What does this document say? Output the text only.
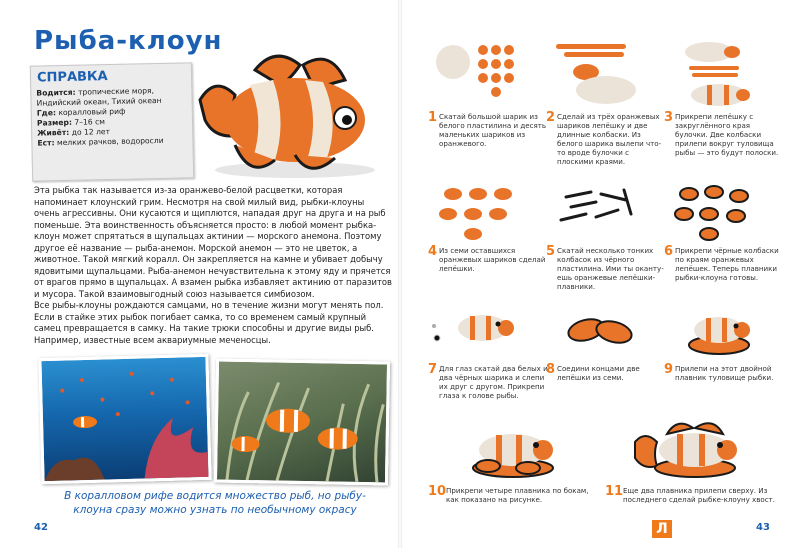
Рыба-клоун
СПРАВКА
Водится: тропические моря, Индийский океан, Тихий океан
Где: коралловый риф
Размер: 7–16 см
Живёт: до 12 лет
Ест: мелких рачков, водоросли

Эта рыбка так называется из-за оранжево-белой расцветки, которая напоминает клоунский грим. Несмотря на свой милый вид, рыбки-клоуны очень агрессивны. Они кусаются и щиплются, нападая друг на друга и на рыб поменьше. Эта воинственность объясняется просто: в любой момент рыбка-клоун может спрятаться в щупальцах актинии — морского анемона. Поэтому другое её название — рыба-анемон. Морской анемон — это не цветок, а животное. Такой мягкий коралл. Он закрепляется на камне и убивает добычу ядовитыми щупальцами. Рыба-анемон нечувствительна к этому яду и прячется от врагов прямо в щупальцах. А взамен рыбка избавляет актинию от паразитов и мусора. Такой взаимовыгодный союз называется симбиозом.

Все рыбы-клоуны рождаются самцами, но в течение жизни могут менять пол. Если в стайке этих рыбок погибает самка, то со временем самый крупный самец превращается в самку. На такие трюки способны и другие виды рыб. Например, известные всем аквариумные меченосцы.

В коралловом рифе водится множество рыб, но рыбу-клоуна сразу можно узнать по необычному окрасу
42
1 Скатай большой шарик из белого пластилина и десять маленьких шариков из оранжевого.
2 Сделай из трёх оранжевых шариков лепёшку и две длинные колбаски. Из белого шарика вылепи что-то вроде булочки с плоскими краями.
3 Прикрепи лепёшку с закруглённого края булочки. Две колбаски прилепи вокруг туловища рыбы — это будут полоски.
4 Из семи оставшихся оранжевых шариков сделай лепёшки.
5 Скатай несколько тонких колбасок из чёрного пластилина. Ими ты окантуешь оранжевые лепёшки-плавники.
6 Прикрепи чёрные колбаски по краям оранжевых лепёшек. Теперь плавники рыбки-клоуна готовы.
7 Для глаз скатай два белых и два чёрных шарика и слепи их друг с другом. Прикрепи глаза к голове рыбы.
8 Соедини концами две лепёшки из семи.
9 Прилепи на этот двойной плавник туловище рыбки.
10 Прикрепи четыре плавника по бокам, как показано на рисунке.
11 Еще два плавника прилепи сверху. Из последнего сделай рыбке-клоуну хвост.
43
Л
